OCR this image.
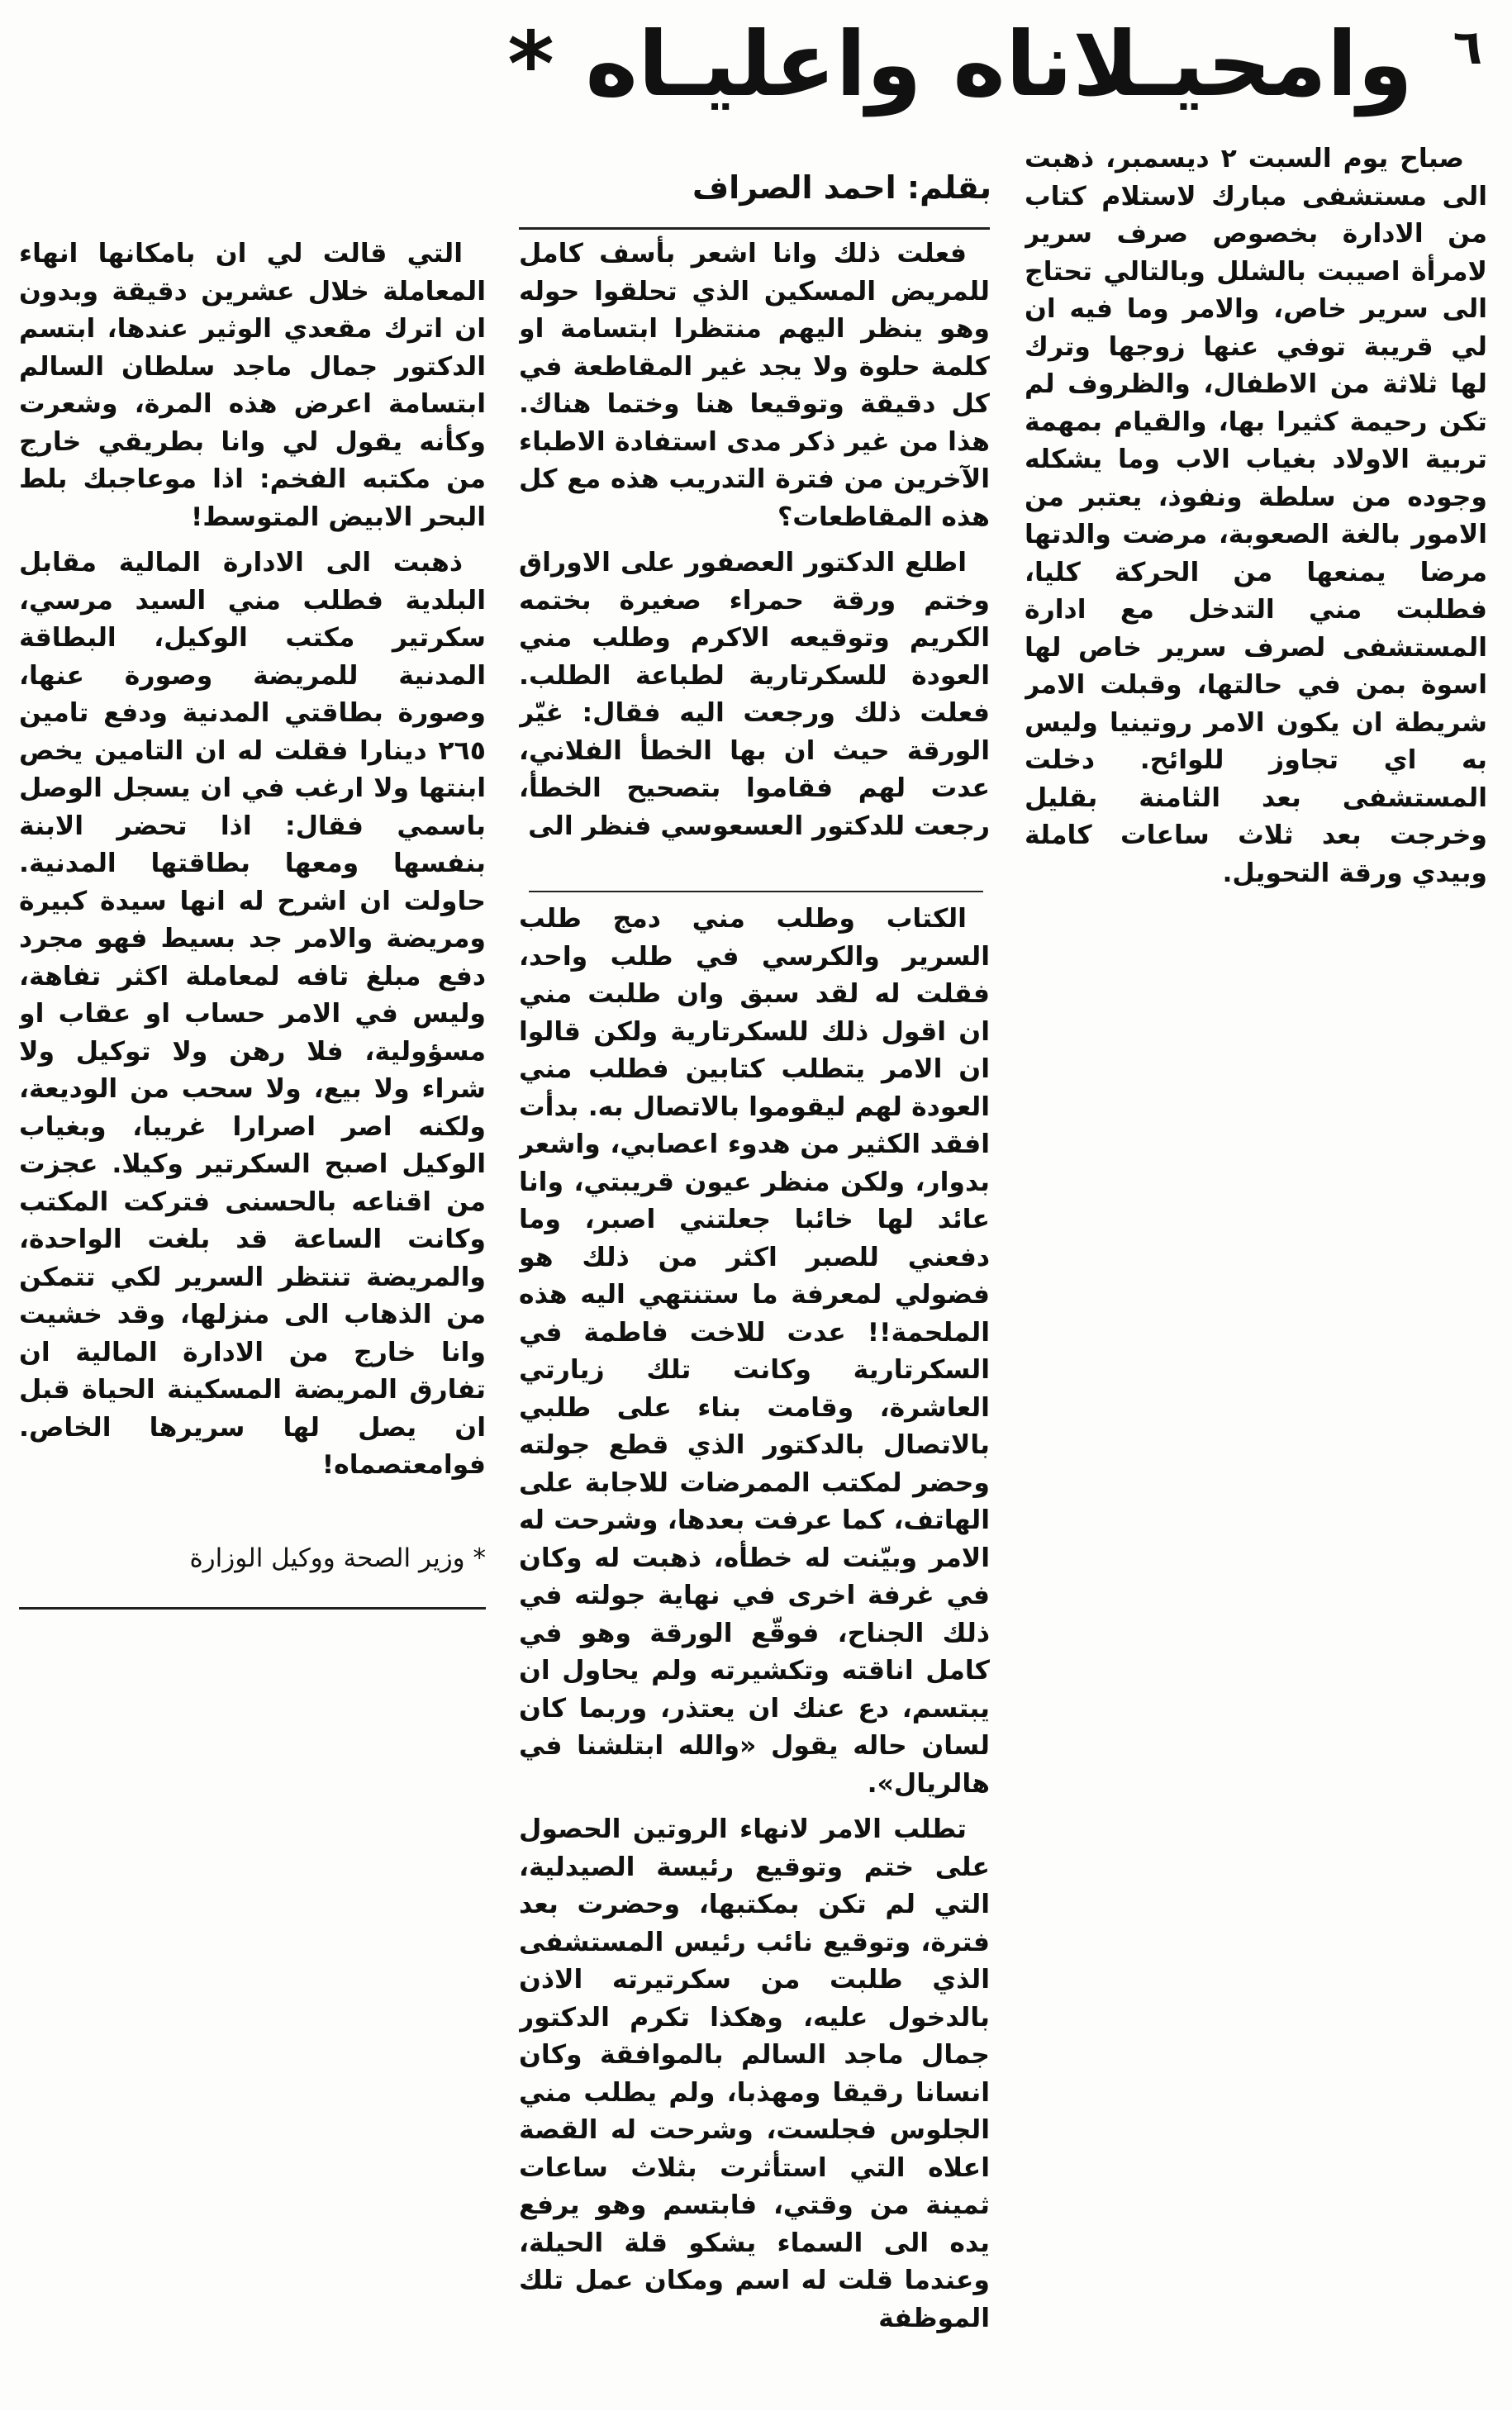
٦
وامحيـلاناه واعليـاه *
بقلم: احمد الصراف

صباح يوم السبت ٢ ديسمبر، ذهبت الى مستشفى مبارك لاستلام كتاب من الادارة بخصوص صرف سرير لامرأة اصيبت بالشلل وبالتالي تحتاج الى سرير خاص، والامر وما فيه ان لي قريبة توفي عنها زوجها وترك لها ثلاثة من الاطفال، والظروف لم تكن رحيمة كثيرا بها، والقيام بمهمة تربية الاولاد بغياب الاب وما يشكله وجوده من سلطة ونفوذ، يعتبر من الامور بالغة الصعوبة، مرضت والدتها مرضا يمنعها من الحركة كليا، فطلبت مني التدخل مع ادارة المستشفى لصرف سرير خاص لها اسوة بمن في حالتها، وقبلت الامر شريطة ان يكون الامر روتينيا وليس به اي تجاوز للوائح. دخلت المستشفى بعد الثامنة بقليل وخرجت بعد ثلاث ساعات كاملة وبيدي ورقة التحويل.

فعلت ذلك وانا اشعر بأسف كامل للمريض المسكين الذي تحلقوا حوله وهو ينظر اليهم منتظرا ابتسامة او كلمة حلوة ولا يجد غير المقاطعة في كل دقيقة وتوقيعا هنا وختما هناك. هذا من غير ذكر مدى استفادة الاطباء الآخرين من فترة التدريب هذه مع كل هذه المقاطعات؟

اطلع الدكتور العصفور على الاوراق وختم ورقة حمراء صغيرة بختمه الكريم وتوقيعه الاكرم وطلب مني العودة للسكرتارية لطباعة الطلب. فعلت ذلك ورجعت اليه فقال: غيّر الورقة حيث ان بها الخطأ الفلاني، عدت لهم فقاموا بتصحيح الخطأ، رجعت للدكتور العسعوسي فنظر الى

الكتاب وطلب مني دمج طلب السرير والكرسي في طلب واحد، فقلت له لقد سبق وان طلبت مني ان اقول ذلك للسكرتارية ولكن قالوا ان الامر يتطلب كتابين فطلب مني العودة لهم ليقوموا بالاتصال به. بدأت افقد الكثير من هدوء اعصابي، واشعر بدوار، ولكن منظر عيون قريبتي، وانا عائد لها خائبا جعلتني اصبر، وما دفعني للصبر اكثر من ذلك هو فضولي لمعرفة ما ستنتهي اليه هذه الملحمة!! عدت للاخت فاطمة في السكرتارية وكانت تلك زيارتي العاشرة، وقامت بناء على طلبي بالاتصال بالدكتور الذي قطع جولته وحضر لمكتب الممرضات للاجابة على الهاتف، كما عرفت بعدها، وشرحت له الامر وبيّنت له خطأه، ذهبت له وكان في غرفة اخرى في نهاية جولته في ذلك الجناح، فوقّع الورقة وهو في كامل اناقته وتكشيرته ولم يحاول ان يبتسم، دع عنك ان يعتذر، وربما كان لسان حاله يقول «والله ابتلشنا في هالريال».

تطلب الامر لانهاء الروتين الحصول على ختم وتوقيع رئيسة الصيدلية، التي لم تكن بمكتبها، وحضرت بعد فترة، وتوقيع نائب رئيس المستشفى الذي طلبت من سكرتيرته الاذن بالدخول عليه، وهكذا تكرم الدكتور جمال ماجد السالم بالموافقة وكان انسانا رقيقا ومهذبا، ولم يطلب مني الجلوس فجلست، وشرحت له القصة اعلاه التي استأثرت بثلاث ساعات ثمينة من وقتي، فابتسم وهو يرفع يده الى السماء يشكو قلة الحيلة، وعندما قلت له اسم ومكان عمل تلك الموظفة

التي قالت لي ان بامكانها انهاء المعاملة خلال عشرين دقيقة وبدون ان اترك مقعدي الوثير عندها، ابتسم الدكتور جمال ماجد سلطان السالم ابتسامة اعرض هذه المرة، وشعرت وكأنه يقول لي وانا بطريقي خارج من مكتبه الفخم: اذا موعاجبك بلط البحر الابيض المتوسط!

ذهبت الى الادارة المالية مقابل البلدية فطلب مني السيد مرسي، سكرتير مكتب الوكيل، البطاقة المدنية للمريضة وصورة عنها، وصورة بطاقتي المدنية ودفع تامين ٢٦٥ دينارا فقلت له ان التامين يخص ابنتها ولا ارغب في ان يسجل الوصل باسمي فقال: اذا تحضر الابنة بنفسها ومعها بطاقتها المدنية. حاولت ان اشرح له انها سيدة كبيرة ومريضة والامر جد بسيط فهو مجرد دفع مبلغ تافه لمعاملة اكثر تفاهة، وليس في الامر حساب او عقاب او مسؤولية، فلا رهن ولا توكيل ولا شراء ولا بيع، ولا سحب من الوديعة، ولكنه اصر اصرارا غريبا، وبغياب الوكيل اصبح السكرتير وكيلا. عجزت من اقناعه بالحسنى فتركت المكتب وكانت الساعة قد بلغت الواحدة، والمريضة تنتظر السرير لكي تتمكن من الذهاب الى منزلها، وقد خشيت وانا خارج من الادارة المالية ان تفارق المريضة المسكينة الحياة قبل ان يصل لها سريرها الخاص. فوامعتصماه!

* وزير الصحة ووكيل الوزارة
